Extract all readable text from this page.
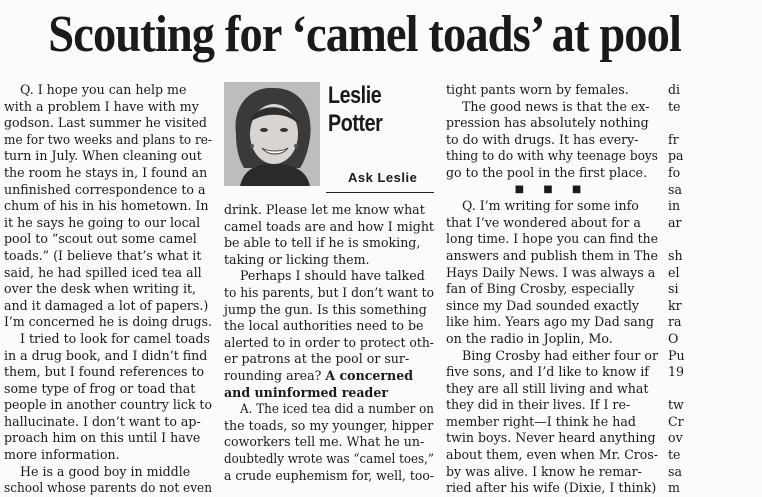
Scouting for ‘camel toads’ at pool
Leslie
Potter
Ask Leslie
Q. I hope you can help me
with a problem I have with my
godson. Last summer he visited
me for two weeks and plans to re-
turn in July. When cleaning out
the room he stays in, I found an
unfinished correspondence to a
chum of his in his hometown. In
it he says he going to our local
pool to “scout out some camel
toads.” (I believe that’s what it
said, he had spilled iced tea all
over the desk when writing it,
and it damaged a lot of papers.)
I’m concerned he is doing drugs.
I tried to look for camel toads
in a drug book, and I didn’t find
them, but I found references to
some type of frog or toad that
people in another country lick to
hallucinate. I don’t want to ap-
proach him on this until I have
more information.
He is a good boy in middle
school whose parents do not even
drink. Please let me know what
camel toads are and how I might
be able to tell if he is smoking,
taking or licking them.
Perhaps I should have talked
to his parents, but I don’t want to
jump the gun. Is this something
the local authorities need to be
alerted to in order to protect oth-
er patrons at the pool or sur-
rounding area? A concerned
and uninformed reader
A. The iced tea did a number on
the toads, so my younger, hipper
coworkers tell me. What he un-
doubtedly wrote was “camel toes,”
a crude euphemism for, well, too-
tight pants worn by females.
The good news is that the ex-
pression has absolutely nothing
to do with drugs. It has every-
thing to do with why teenage boys
go to the pool in the first place.
■ ■ ■
Q. I’m writing for some info
that I’ve wondered about for a
long time. I hope you can find the
answers and publish them in The
Hays Daily News. I was always a
fan of Bing Crosby, especially
since my Dad sounded exactly
like him. Years ago my Dad sang
on the radio in Joplin, Mo.
Bing Crosby had either four or
five sons, and I’d like to know if
they are all still living and what
they did in their lives. If I re-
member right—I think he had
twin boys. Never heard anything
about them, even when Mr. Cros-
by was alive. I know he remar-
ried after his wife (Dixie, I think)
di
te

fr
pa
fo
sa
in
ar

sh
el
si
kr
ra
O
Pu
19

tw
Cr
ov
te
sa
m
